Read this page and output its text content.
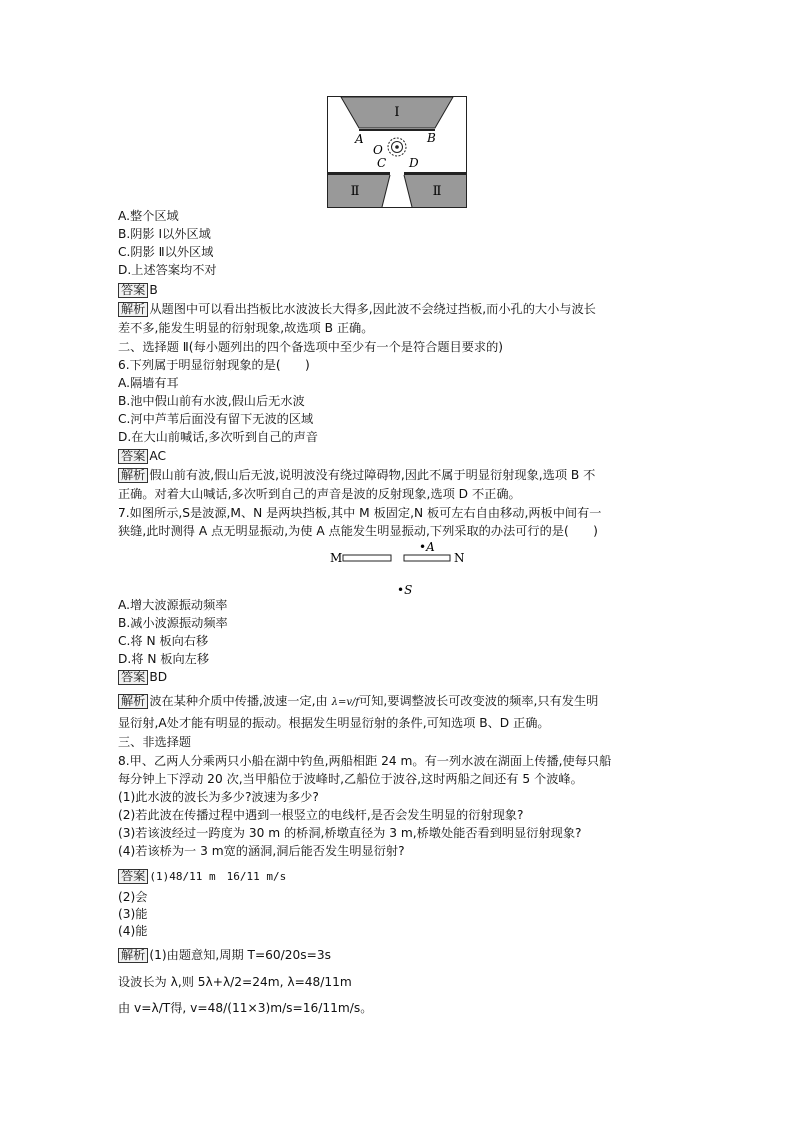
Ⅰ
A	B
O
C D
Ⅱ	Ⅱ
A.整个区域
B.阴影 Ⅰ以外区域
C.阴影 Ⅱ以外区域
D.上述答案均不对
答案 B
解析 从题图中可以看出挡板比水波波长大得多,因此波不会绕过挡板,而小孔的大小与波长
差不多,能发生明显的衍射现象,故选项 B 正确。
二、选择题 Ⅱ(每小题列出的四个备选项中至少有一个是符合题目要求的)
6.下列属于明显衍射现象的是(　　)
A.隔墙有耳
B.池中假山前有水波,假山后无水波
C.河中芦苇后面没有留下无波的区域
D.在大山前喊话,多次听到自己的声音
答案 AC
解析 假山前有波,假山后无波,说明波没有绕过障碍物,因此不属于明显衍射现象,选项 B 不
正确。对着大山喊话,多次听到自己的声音是波的反射现象,选项 D 不正确。
7.如图所示,S是波源,M、N 是两块挡板,其中 M 板固定,N 板可左右自由移动,两板中间有一
狭缝,此时测得 A 点无明显振动,为使 A 点能发生明显振动,下列采取的办法可行的是(　　)
M	N
•A
•S
A.增大波源振动频率
B.减小波源振动频率
C.将 N 板向右移
D.将 N 板向左移
答案 BD
解析 波在某种介质中传播,波速一定,由 λ=v/f可知,要调整波长可改变波的频率,只有发生明
显衍射,A处才能有明显的振动。根据发生明显衍射的条件,可知选项 B、D 正确。
三、非选择题
8.甲、乙两人分乘两只小船在湖中钓鱼,两船相距 24 m。有一列水波在湖面上传播,使每只船
每分钟上下浮动 20 次,当甲船位于波峰时,乙船位于波谷,这时两船之间还有 5 个波峰。
(1)此水波的波长为多少?波速为多少?
(2)若此波在传播过程中遇到一根竖立的电线杆,是否会发生明显的衍射现象?
(3)若该波经过一跨度为 30 m 的桥洞,桥墩直径为 3 m,桥墩处能否看到明显衍射现象?
(4)若该桥为一 3 m宽的涵洞,洞后能否发生明显衍射?
答案 (1)48/11 m　16/11 m/s
(2)会
(3)能
(4)能
解析 (1)由题意知,周期 T=60/20s=3s
设波长为 λ,则 5λ+λ/2=24m, λ=48/11m
由 v=λ/T得, v=48/(11×3)m/s=16/11m/s。
